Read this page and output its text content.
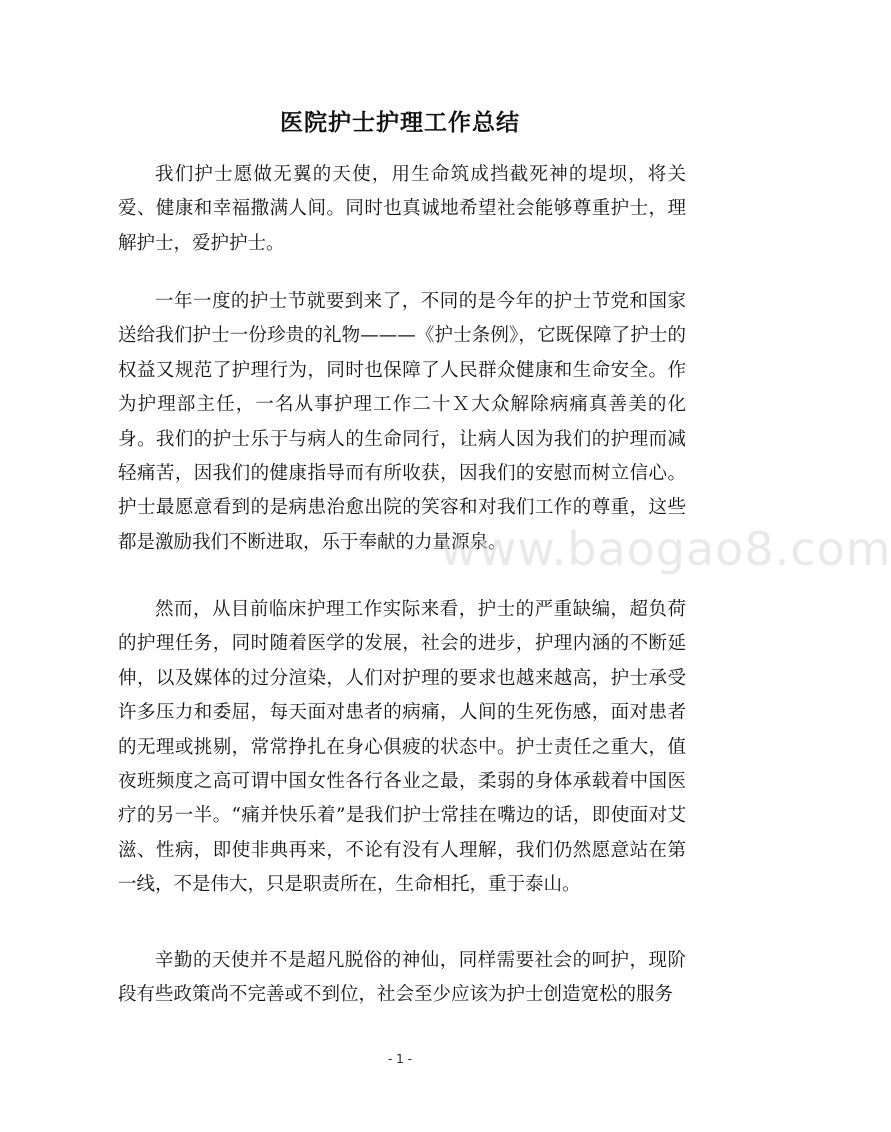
医院护士护理工作总结

我们护士愿做无翼的天使，用生命筑成挡截死神的堤坝，将关爱、健康和幸福撒满人间。同时也真诚地希望社会能够尊重护士，理解护士，爱护护士。

一年一度的护士节就要到来了，不同的是今年的护士节党和国家送给我们护士一份珍贵的礼物———《护士条例》，它既保障了护士的权益又规范了护理行为，同时也保障了人民群众健康和生命安全。作为护理部主任，一名从事护理工作二十Ｘ大众解除病痛真善美的化身。我们的护士乐于与病人的生命同行，让病人因为我们的护理而减轻痛苦，因我们的健康指导而有所收获，因我们的安慰而树立信心。护士最愿意看到的是病患治愈出院的笑容和对我们工作的尊重，这些都是激励我们不断进取，乐于奉献的力量源泉。

然而，从目前临床护理工作实际来看，护士的严重缺编，超负荷的护理任务，同时随着医学的发展，社会的进步，护理内涵的不断延伸，以及媒体的过分渲染，人们对护理的要求也越来越高，护士承受许多压力和委屈，每天面对患者的病痛，人间的生死伤感，面对患者的无理或挑剔，常常挣扎在身心俱疲的状态中。护士责任之重大，值夜班频度之高可谓中国女性各行各业之最，柔弱的身体承载着中国医疗的另一半。“痛并快乐着”是我们护士常挂在嘴边的话，即使面对艾滋、性病，即使非典再来，不论有没有人理解，我们仍然愿意站在第一线，不是伟大，只是职责所在，生命相托，重于泰山。

辛勤的天使并不是超凡脱俗的神仙，同样需要社会的呵护，现阶段有些政策尚不完善或不到位，社会至少应该为护士创造宽松的服务

www.baogao8.com
- 1 -
